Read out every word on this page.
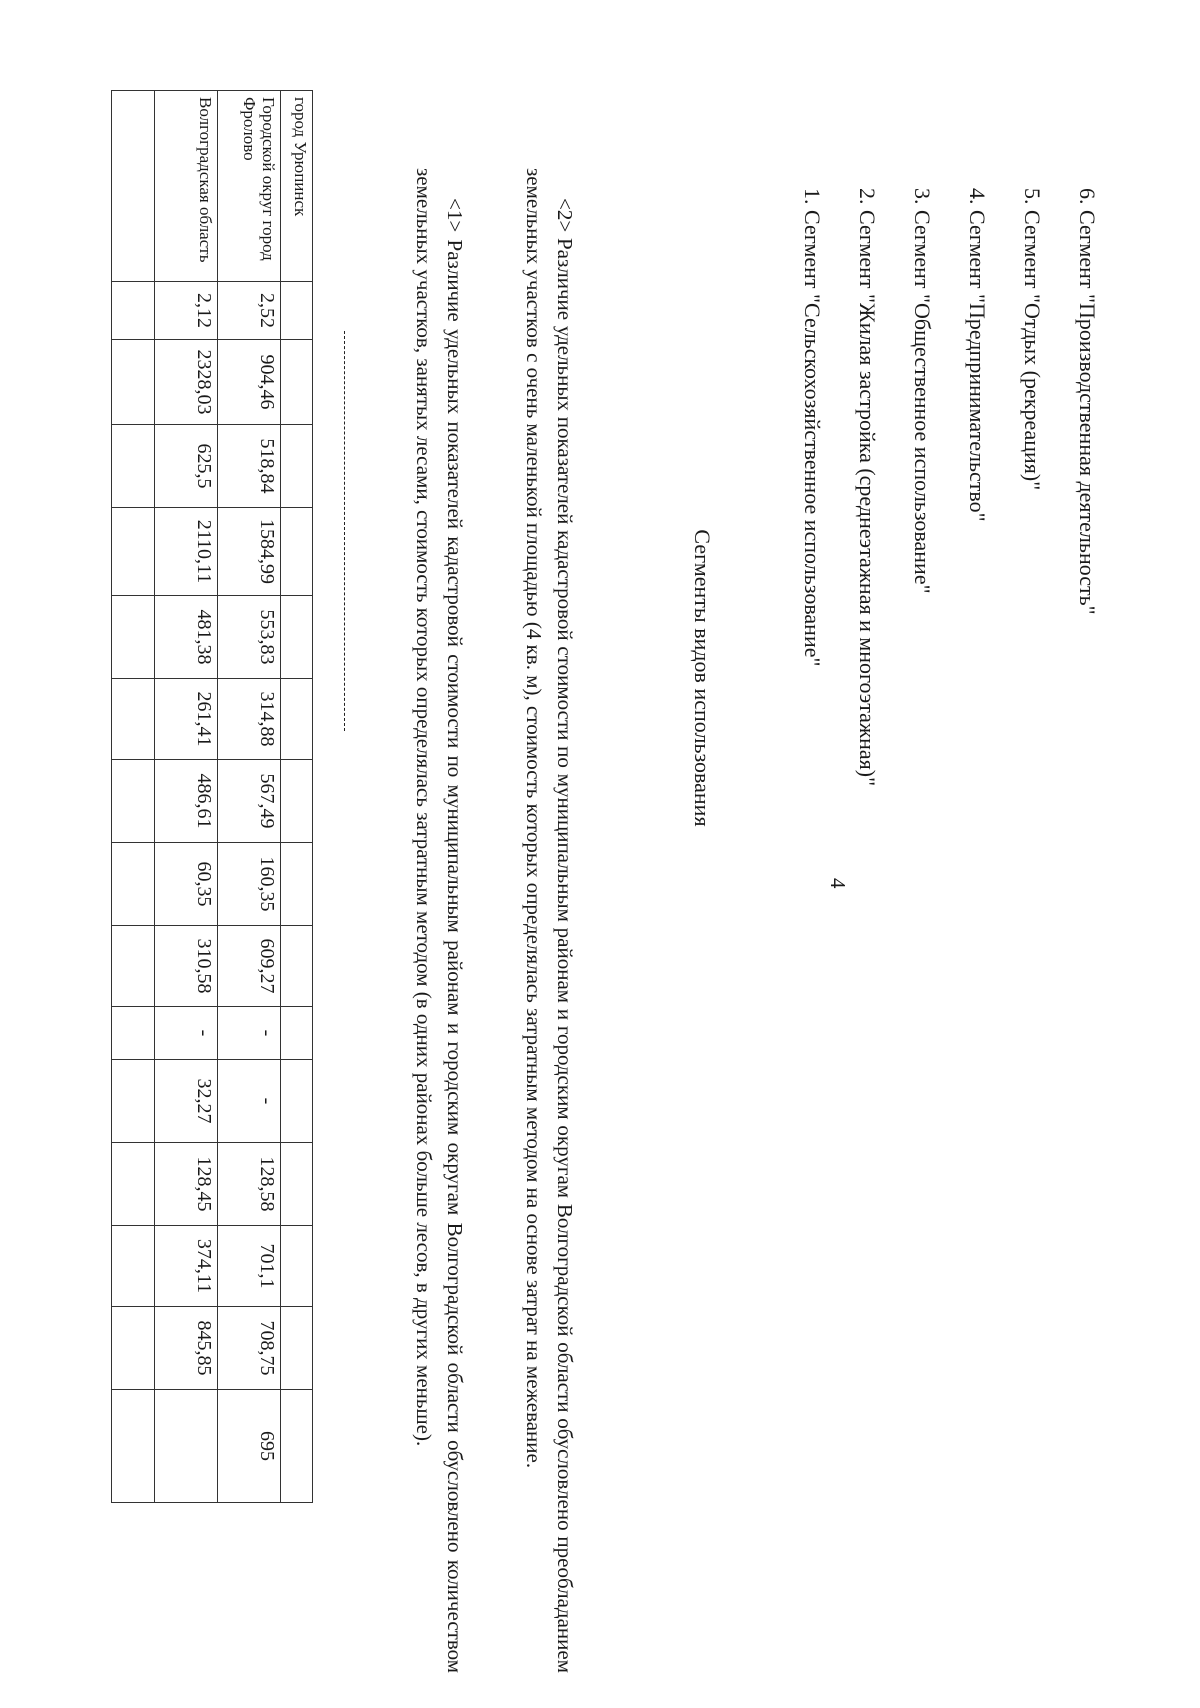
4
город Урюпинск															
Городской округ город Фролово	2,52	904,46	518,84	1584,99	553,83	314,88	567,49	160,35	609,27	-	-	128,58	701,1	708,75	695
Волгоградская область	2,12	2328,03	625,5	2110,11	481,38	261,41	486,61	60,35	310,58	-	32,27	128,45	374,11	845,85	
																<1> Различие удельных показателей кадастровой стоимости по муниципальным районам и городским округам Волгоградской области обусловлено количеством земельных участков, занятых лесами, стоимость которых определялась затратным методом (в одних районах больше лесов, в других меньше).	<2> Различие удельных показателей кадастровой стоимости по муниципальным районам и городским округам Волгоградской области обусловлено преобладанием земельных участков с очень маленькой площадью (4 кв. м), стоимость которых определялась затратным методом на основе затрат на межевание.	Сегменты видов использования
1. Сегмент "Сельскохозяйственное использование" 2. Сегмент "Жилая застройка (среднеэтажная и многоэтажная)" 3. Сегмент "Общественное использование" 4. Сегмент "Предпринимательство" 5. Сегмент "Отдых (рекреация)" 6. Сегмент "Производственная деятельность"
